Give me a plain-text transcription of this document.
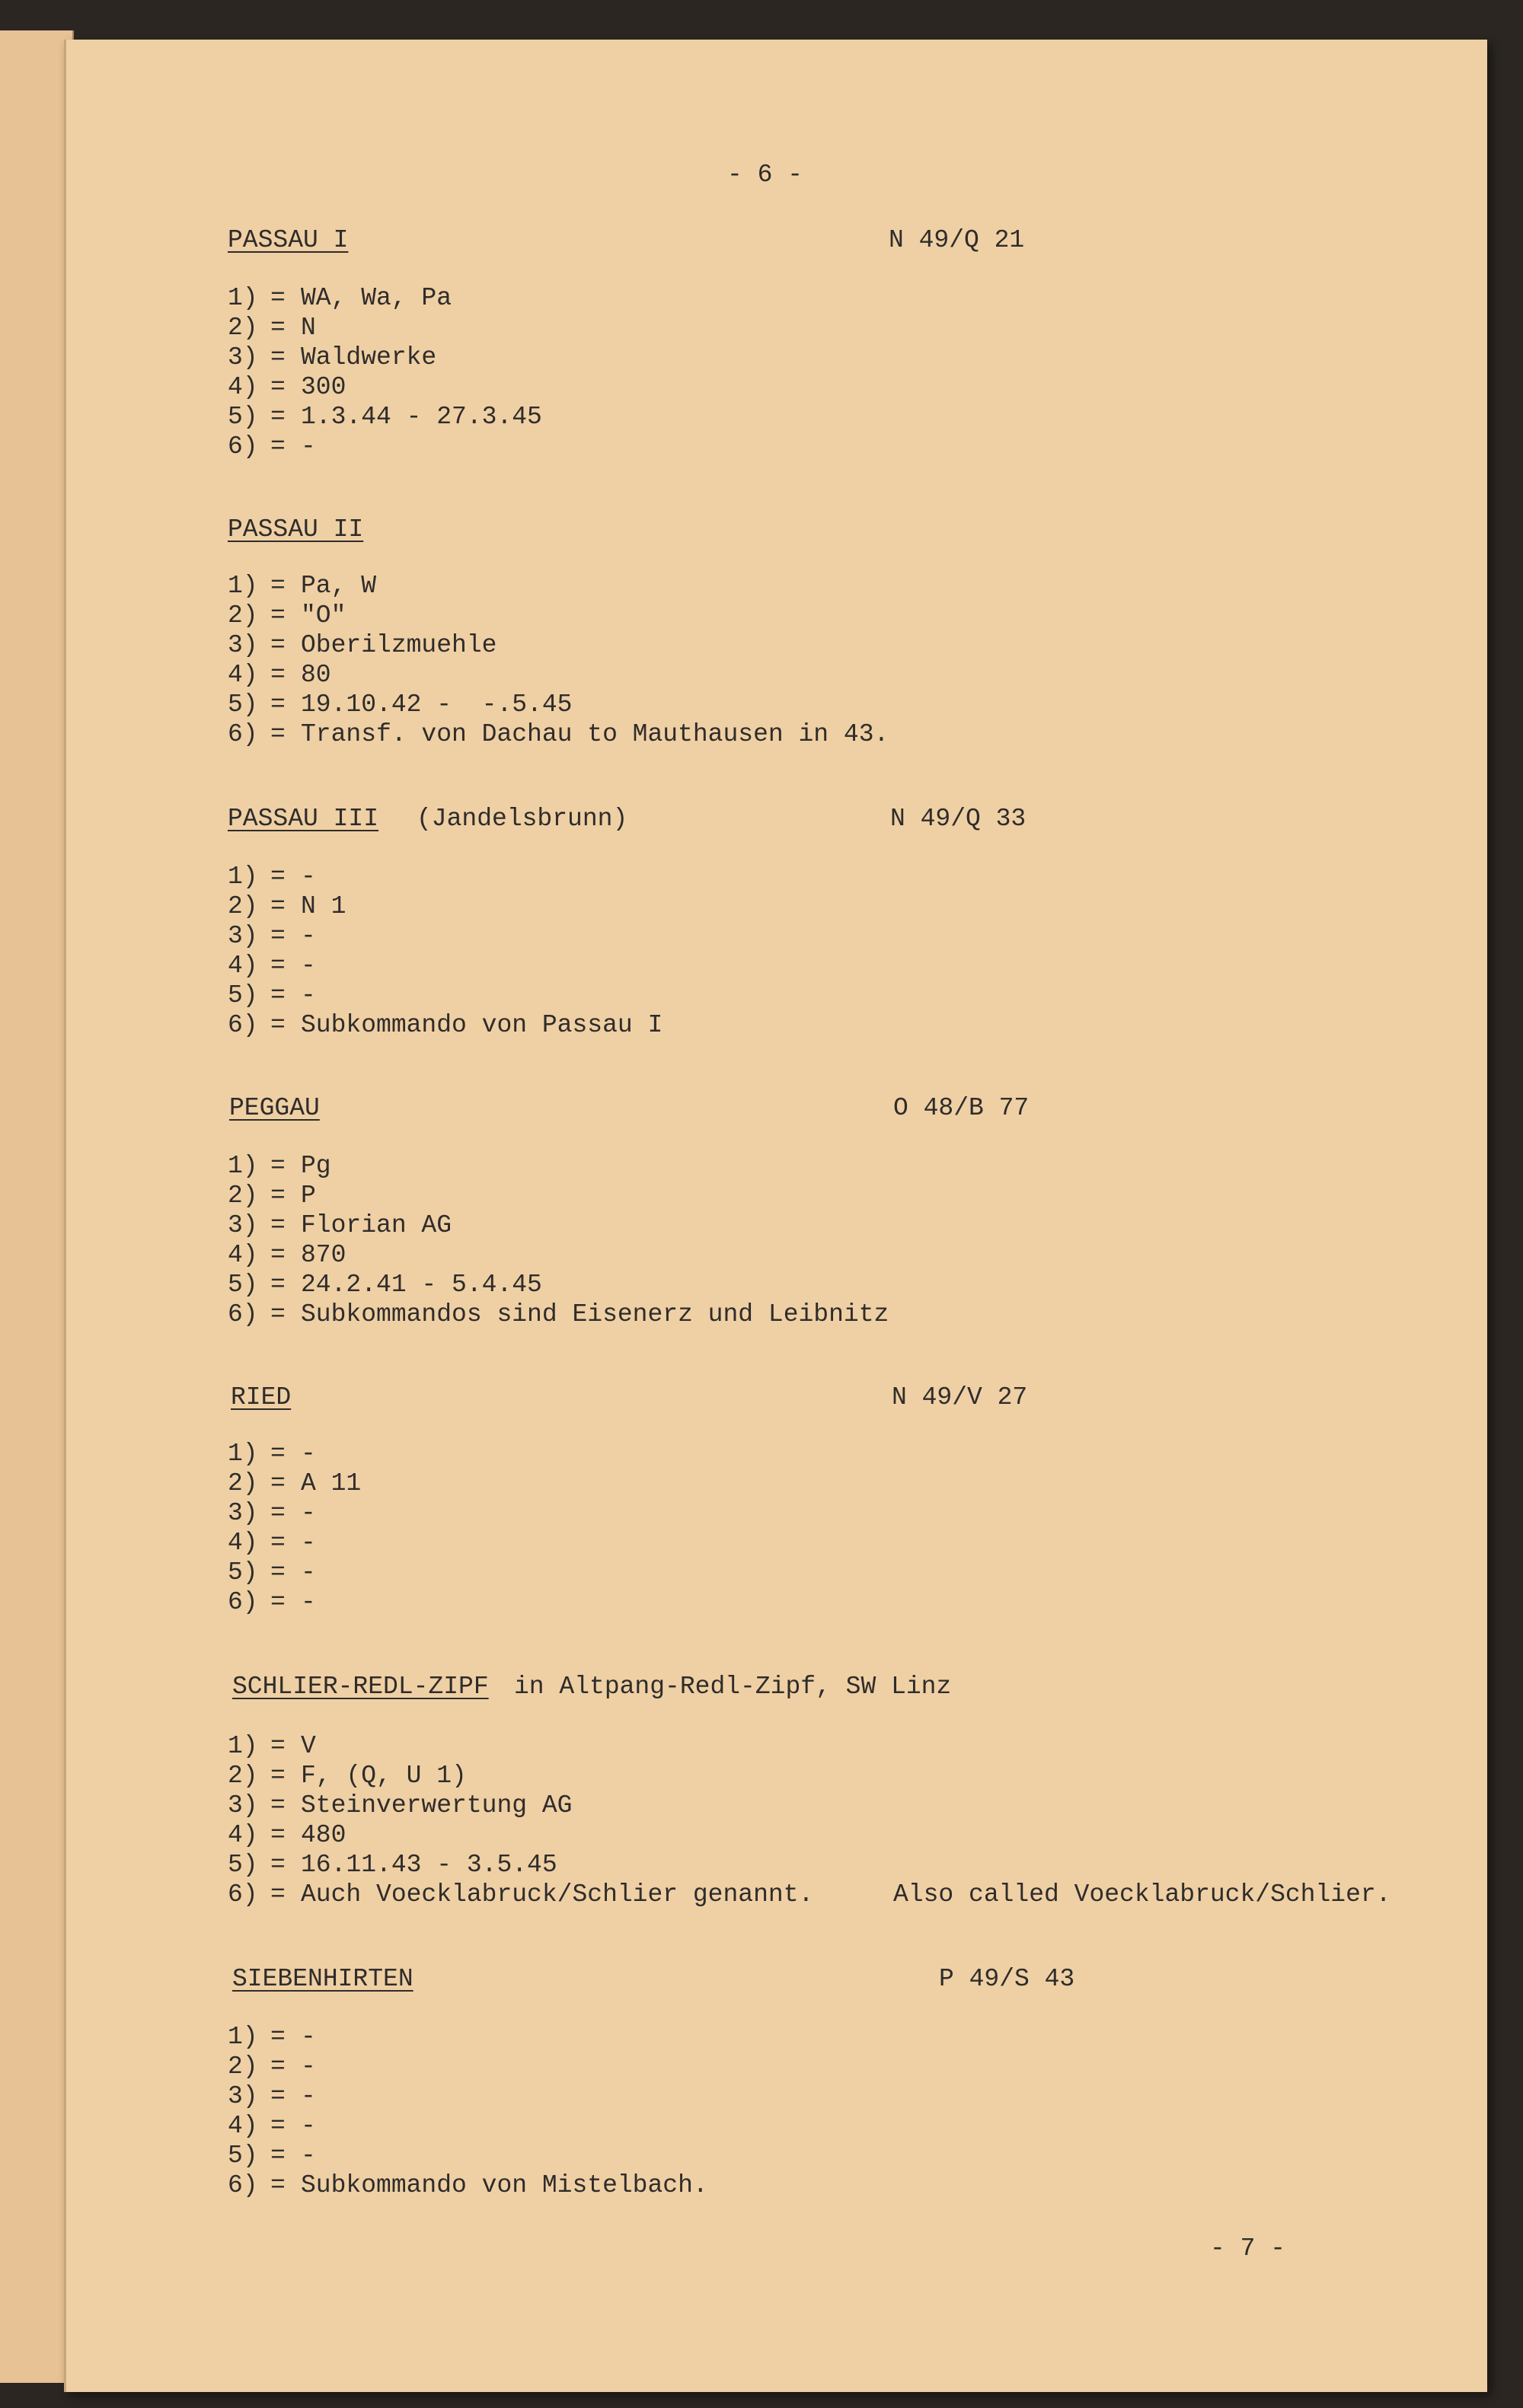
- 6 -
PASSAU I	N 49/Q 21
1) = WA, Wa, Pa
2) = N
3) = Waldwerke
4) = 300
5) = 1.3.44 - 27.3.45
6) = -
PASSAU II
1) = Pa, W
2) = "O"
3) = Oberilzmuehle
4) = 80
5) = 19.10.42 -  -.5.45
6) = Transf. von Dachau to Mauthausen in 43.
PASSAU III (Jandelsbrunn)	N 49/Q 33
1) = -
2) = N 1
3) = -
4) = -
5) = -
6) = Subkommando von Passau I
PEGGAU	O 48/B 77
1) = Pg
2) = P
3) = Florian AG
4) = 870
5) = 24.2.41 - 5.4.45
6) = Subkommandos sind Eisenerz und Leibnitz
RIED	N 49/V 27
1) = -
2) = A 11
3) = -
4) = -
5) = -
6) = -
SCHLIER-REDL-ZIPF in Altpang-Redl-Zipf, SW Linz
1) = V
2) = F, (Q, U 1)
3) = Steinverwertung AG
4) = 480
5) = 16.11.43 - 3.5.45
6) = Auch Voecklabruck/Schlier genannt.	Also called Voecklabruck/Schlier.
SIEBENHIRTEN	P 49/S 43
1) = -
2) = -
3) = -
4) = -
5) = -
6) = Subkommando von Mistelbach.
- 7 -
